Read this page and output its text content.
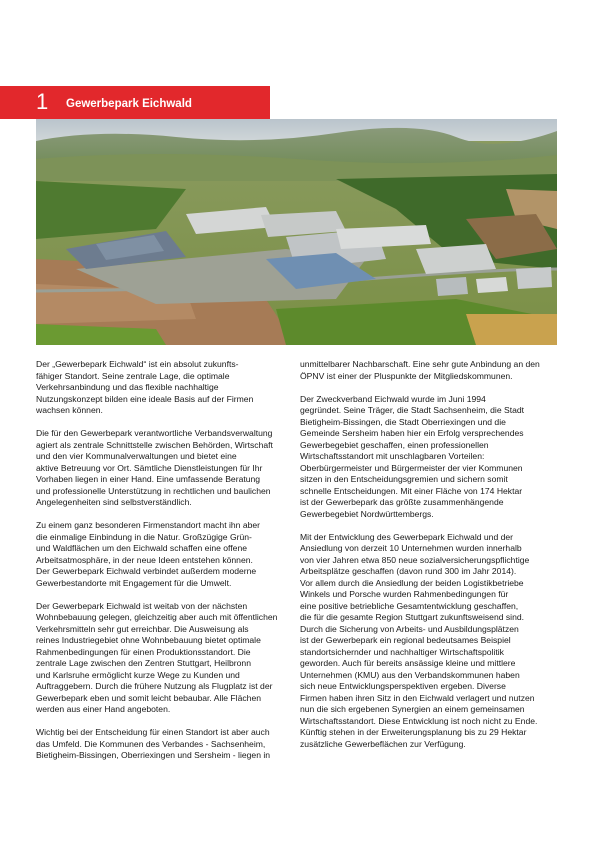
1 Gewerbepark Eichwald
Der „Gewerbepark Eichwald“ ist ein absolut zukunfts-
fähiger Standort. Seine zentrale Lage, die optimale
Verkehrsanbindung und das flexible nachhaltige
Nutzungskonzept bilden eine ideale Basis auf der Firmen
wachsen können.
Die für den Gewerbepark verantwortliche Verbandsverwaltung
agiert als zentrale Schnittstelle zwischen Behörden, Wirtschaft
und den vier Kommunalverwaltungen und bietet eine
aktive Betreuung vor Ort. Sämtliche Dienstleistungen für Ihr
Vorhaben liegen in einer Hand. Eine umfassende Beratung
und professionelle Unterstützung in rechtlichen und baulichen
Angelegenheiten sind selbstverständlich.
Zu einem ganz besonderen Firmenstandort macht ihn aber
die einmalige Einbindung in die Natur. Großzügige Grün-
und Waldflächen um den Eichwald schaffen eine offene
Arbeitsatmosphäre, in der neue Ideen entstehen können.
Der Gewerbepark Eichwald verbindet außerdem moderne
Gewerbestandorte mit Engagement für die Umwelt.
Der Gewerbepark Eichwald ist weitab von der nächsten
Wohnbebauung gelegen, gleichzeitig aber auch mit öffentlichen
Verkehrsmitteln sehr gut erreichbar. Die Ausweisung als
reines Industriegebiet ohne Wohnbebauung bietet optimale
Rahmenbedingungen für einen Produktionsstandort. Die
zentrale Lage zwischen den Zentren Stuttgart, Heilbronn
und Karlsruhe ermöglicht kurze Wege zu Kunden und
Auftraggebern. Durch die frühere Nutzung als Flugplatz ist der
Gewerbepark eben und somit leicht bebaubar. Alle Flächen
werden aus einer Hand angeboten.
Wichtig bei der Entscheidung für einen Standort ist aber auch
das Umfeld. Die Kommunen des Verbandes - Sachsenheim,
Bietigheim-Bissingen, Oberriexingen und Sersheim - liegen in
unmittelbarer Nachbarschaft. Eine sehr gute Anbindung an den
ÖPNV ist einer der Pluspunkte der Mitgliedskommunen.
Der Zweckverband Eichwald wurde im Juni 1994
gegründet. Seine Träger, die Stadt Sachsenheim, die Stadt
Bietigheim-Bissingen, die Stadt Oberriexingen und die
Gemeinde Sersheim haben hier ein Erfolg versprechendes
Gewerbegebiet geschaffen, einen professionellen
Wirtschaftsstandort mit unschlagbaren Vorteilen:
Oberbürgermeister und Bürgermeister der vier Kommunen
sitzen in den Entscheidungsgremien und sichern somit
schnelle Entscheidungen. Mit einer Fläche von 174 Hektar
ist der Gewerbepark das größte zusammenhängende
Gewerbegebiet Nordwürttembergs.
Mit der Entwicklung des Gewerbepark Eichwald und der
Ansiedlung von derzeit 10 Unternehmen wurden innerhalb
von vier Jahren etwa 850 neue sozialversicherungspflichtige
Arbeitsplätze geschaffen (davon rund 300 im Jahr 2014).
Vor allem durch die Ansiedlung der beiden Logistikbetriebe
Winkels und Porsche wurden Rahmenbedingungen für
eine positive betriebliche Gesamtentwicklung geschaffen,
die für die gesamte Region Stuttgart zukunftsweisend sind.
Durch die Sicherung von Arbeits- und Ausbildungsplätzen
ist der Gewerbepark ein regional bedeutsames Beispiel
standortsichernder und nachhaltiger Wirtschaftspolitik
geworden. Auch für bereits ansässige kleine und mittlere
Unternehmen (KMU) aus den Verbandskommunen haben
sich neue Entwicklungsperspektiven ergeben. Diverse
Firmen haben ihren Sitz in den Eichwald verlagert und nutzen
nun die sich ergebenen Synergien an einem gemeinsamen
Wirtschaftsstandort. Diese Entwicklung ist noch nicht zu Ende.
Künftig stehen in der Erweiterungsplanung bis zu 29 Hektar
zusätzliche Gewerbeflächen zur Verfügung.
